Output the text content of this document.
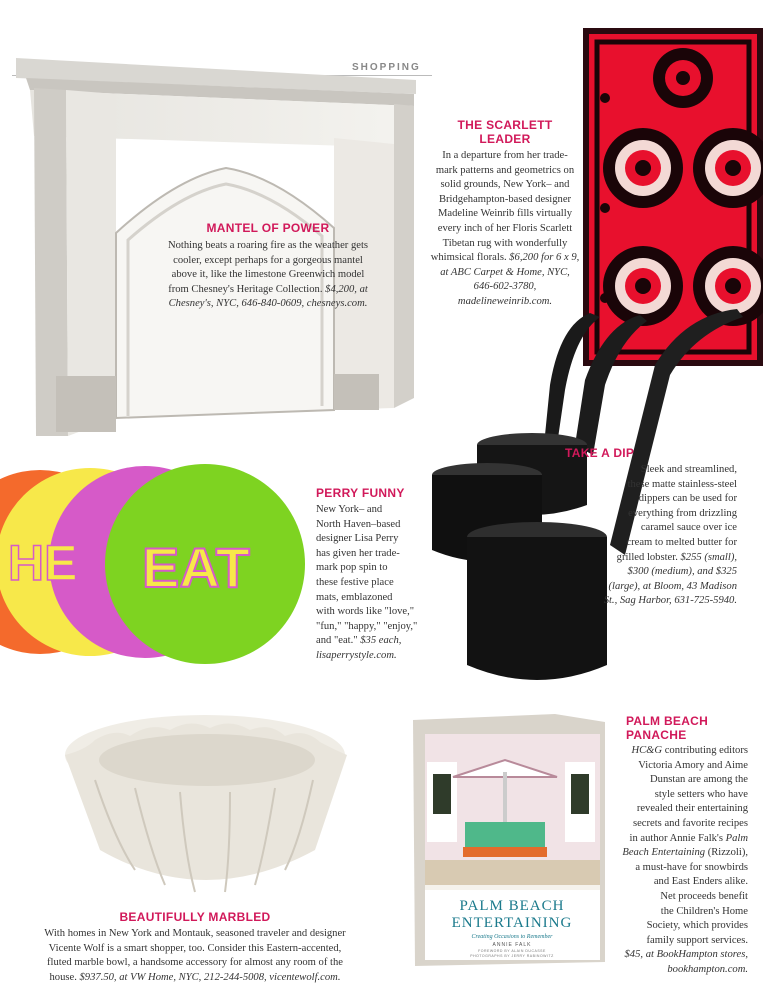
SHOPPING
MANTEL OF POWER
Nothing beats a roaring fire as the weather gets
cooler, except perhaps for a gorgeous mantel
above it, like the limestone Greenwich model
from Chesney's Heritage Collection. $4,200, at
Chesney's, NYC, 646-840-0609, chesneys.com.
THE SCARLETT
LEADER
In a departure from her trade-
mark patterns and geometrics on
solid grounds, New York– and
Bridgehampton-based designer
Madeline Weinrib fills virtually
every inch of her Floris Scarlett
Tibetan rug with wonderfully
whimsical florals. $6,200 for 6 x 9,
at ABC Carpet & Home, NYC,
646-602-3780, madelineweinrib.com.
TAKE A DIP
Sleek and streamlined,
these matte stainless-steel
dippers can be used for
everything from drizzling
caramel sauce over ice
cream to melted butter for
grilled lobster. $255 (small),
$300 (medium), and $325
(large), at Bloom, 43 Madison
St., Sag Harbor, 631-725-5940.
HE EAT
PERRY FUNNY
New York– and
North Haven–based
designer Lisa Perry
has given her trade-
mark pop spin to
these festive place
mats, emblazoned
with words like "love,"
"fun," "happy," "enjoy,"
and "eat." $35 each,
lisaperrystyle.com.
BEAUTIFULLY MARBLED
With homes in New York and Montauk, seasoned traveler and designer
Vicente Wolf is a smart shopper, too. Consider this Eastern-accented,
fluted marble bowl, a handsome accessory for almost any room of the
house. $937.50, at VW Home, NYC, 212-244-5008, vicentewolf.com.
PALM BEACH
ENTERTAINING
Creating Occasions to Remember
ANNIE FALK
FOREWORD BY ALAIN DUCASSE
PHOTOGRAPHS BY JERRY RABINOWITZ
PALM BEACH
PANACHE
HC&G contributing editors
Victoria Amory and Aime
Dunstan are among the
style setters who have
revealed their entertaining
secrets and favorite recipes
in author Annie Falk's Palm
Beach Entertaining (Rizzoli),
a must-have for snowbirds
and East Enders alike.
Net proceeds benefit
the Children's Home
Society, which provides
family support services.
$45, at BookHampton stores,
bookhampton.com.
